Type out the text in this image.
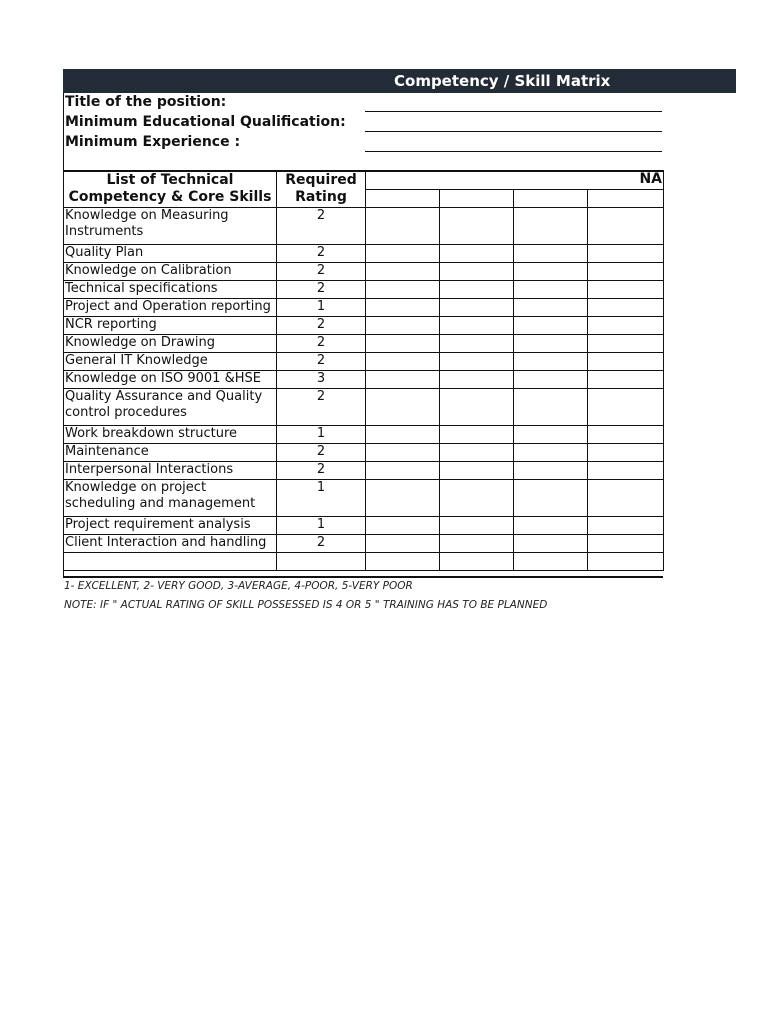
Competency / Skill Matrix
Title of the position:
Minimum Educational Qualification:
Minimum Experience :
List of Technical Competency & Core Skills	Required Rating	NA			

Knowledge on Measuring Instruments	2				
Quality Plan	2				
Knowledge on Calibration	2				
Technical specifications	2				
Project and Operation reporting	1				
NCR reporting	2				
Knowledge on Drawing	2				
General IT Knowledge	2				
Knowledge on ISO 9001 &HSE	3				
Quality Assurance and Quality control procedures	2				
Work breakdown structure	1				
Maintenance	2				
Interpersonal Interactions	2				
Knowledge on project scheduling and management	1				
Project requirement analysis	1				
Client Interaction and handling	2				

1- EXCELLENT, 2- VERY GOOD, 3-AVERAGE, 4-POOR, 5-VERY POOR
NOTE: IF " ACTUAL RATING OF SKILL POSSESSED IS 4 OR 5 " TRAINING HAS TO BE PLANNED
